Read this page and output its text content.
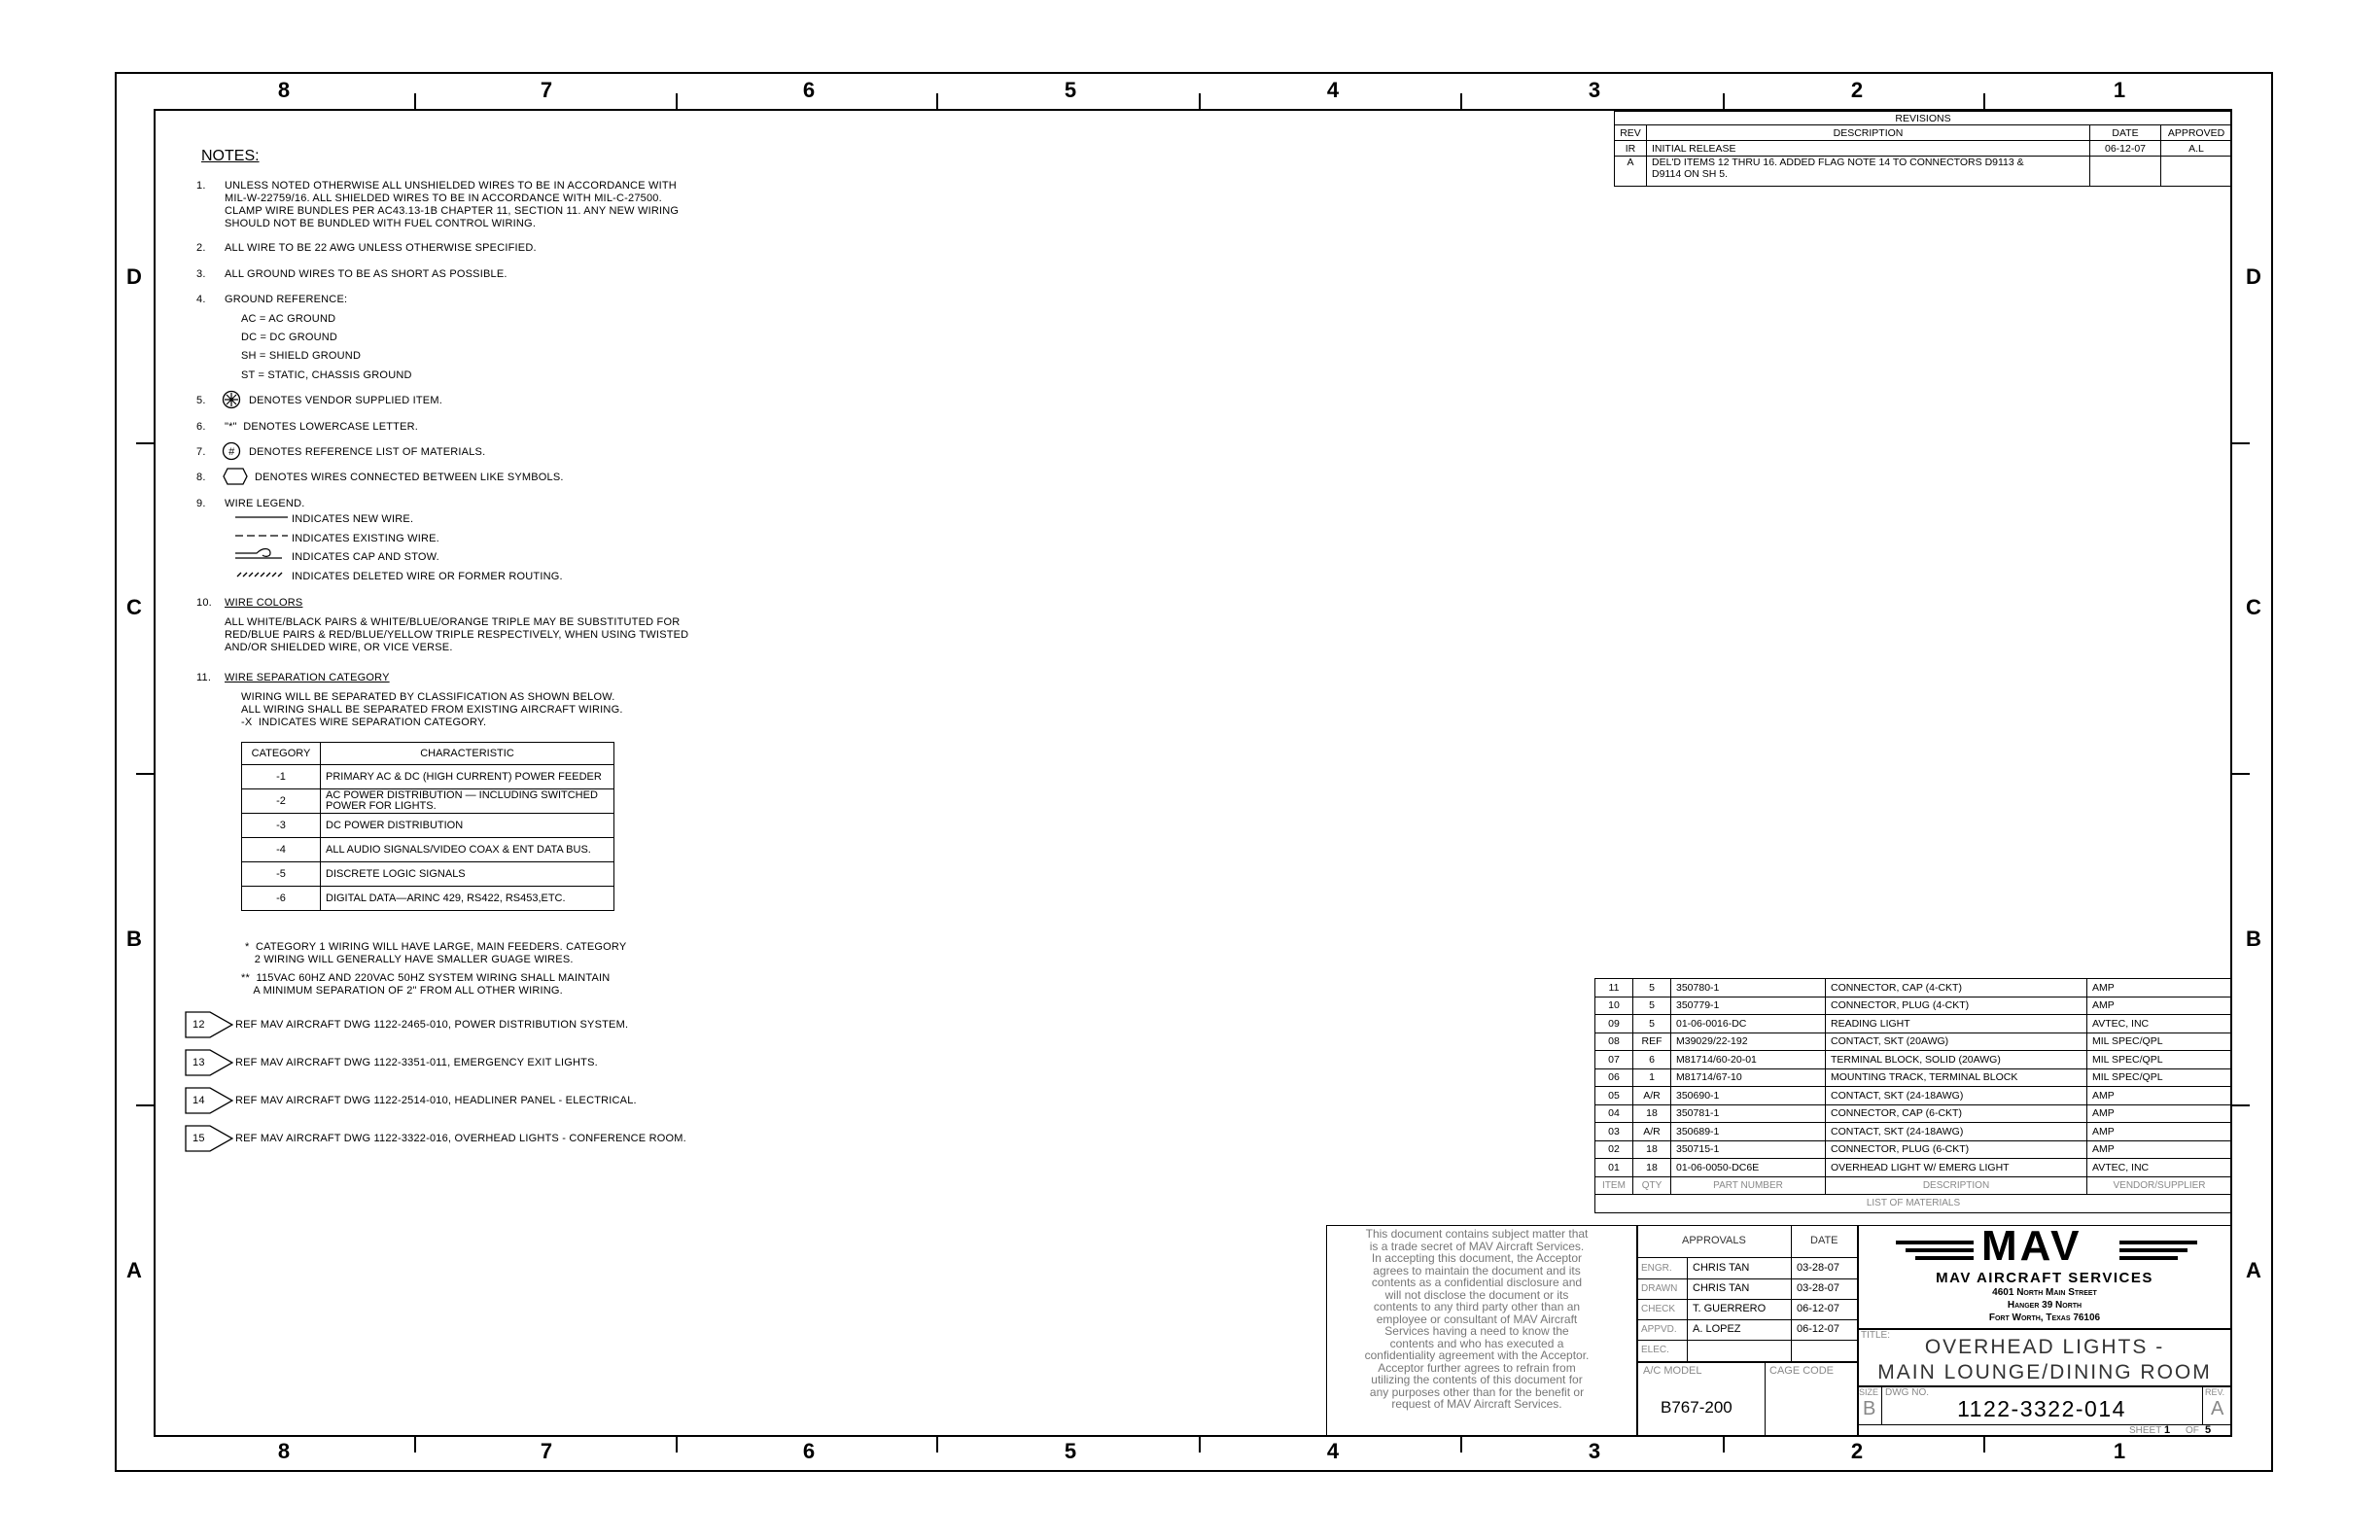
8	7	6	5	4	3	2	1
8	7	6	5	4	3	2	1
D
C
B
A
D
C
B
A
NOTES:
1. UNLESS NOTED OTHERWISE ALL UNSHIELDED WIRES TO BE IN ACCORDANCE WITH
MIL-W-22759/16. ALL SHIELDED WIRES TO BE IN ACCORDANCE WITH MIL-C-27500.
CLAMP WIRE BUNDLES PER AC43.13-1B CHAPTER 11, SECTION 11. ANY NEW WIRING
SHOULD NOT BE BUNDLED WITH FUEL CONTROL WIRING.
2. ALL WIRE TO BE 22 AWG UNLESS OTHERWISE SPECIFIED.
3. ALL GROUND WIRES TO BE AS SHORT AS POSSIBLE.
4. GROUND REFERENCE:
AC = AC GROUND
DC = DC GROUND
SH = SHIELD GROUND
ST = STATIC, CHASSIS GROUND
5.	DENOTES VENDOR SUPPLIED ITEM.
6. "*"  DENOTES LOWERCASE LETTER.
7. # DENOTES REFERENCE LIST OF MATERIALS.
8.	DENOTES WIRES CONNECTED BETWEEN LIKE SYMBOLS.
9. WIRE LEGEND.
INDICATES NEW WIRE.
INDICATES EXISTING WIRE.
INDICATES CAP AND STOW.
INDICATES DELETED WIRE OR FORMER ROUTING.
10. WIRE COLORS
ALL WHITE/BLACK PAIRS & WHITE/BLUE/ORANGE TRIPLE MAY BE SUBSTITUTED FOR
RED/BLUE PAIRS & RED/BLUE/YELLOW TRIPLE RESPECTIVELY, WHEN USING TWISTED
AND/OR SHIELDED WIRE, OR VICE VERSE.
11. WIRE SEPARATION CATEGORY
WIRING WILL BE SEPARATED BY CLASSIFICATION AS SHOWN BELOW.
ALL WIRING SHALL BE SEPARATED FROM EXISTING AIRCRAFT WIRING.
-X  INDICATES WIRE SEPARATION CATEGORY.
CATEGORY	CHARACTERISTIC
-1	PRIMARY AC & DC (HIGH CURRENT) POWER FEEDER
-2	AC POWER DISTRIBUTION — INCLUDING SWITCHED
POWER FOR LIGHTS.
-3	DC POWER DISTRIBUTION
-4	ALL AUDIO SIGNALS/VIDEO COAX & ENT DATA BUS.
-5	DISCRETE LOGIC SIGNALS
-6	DIGITAL DATA—ARINC 429, RS422, RS453,ETC.
*  CATEGORY 1 WIRING WILL HAVE LARGE, MAIN FEEDERS. CATEGORY
2 WIRING WILL GENERALLY HAVE SMALLER GUAGE WIRES.
**  115VAC 60HZ AND 220VAC 50HZ SYSTEM WIRING SHALL MAINTAIN
A MINIMUM SEPARATION OF 2" FROM ALL OTHER WIRING.
12	REF MAV AIRCRAFT DWG 1122-2465-010, POWER DISTRIBUTION SYSTEM.
13	REF MAV AIRCRAFT DWG 1122-3351-011, EMERGENCY EXIT LIGHTS.
14	REF MAV AIRCRAFT DWG 1122-2514-010, HEADLINER PANEL - ELECTRICAL.
15	REF MAV AIRCRAFT DWG 1122-3322-016, OVERHEAD LIGHTS - CONFERENCE ROOM.
REVISIONS			
REV	DESCRIPTION	DATE	APPROVED
IR	INITIAL RELEASE	06-12-07	A.L
A	DEL'D ITEMS 12 THRU 16. ADDED FLAG NOTE 14 TO CONNECTORS D9113 &
D9114 ON SH 5.		
11	5	350780-1	CONNECTOR, CAP (4-CKT)	AMP
10	5	350779-1	CONNECTOR, PLUG (4-CKT)	AMP
09	5	01-06-0016-DC	READING LIGHT	AVTEC, INC
08	REF	M39029/22-192	CONTACT, SKT (20AWG)	MIL SPEC/QPL
07	6	M81714/60-20-01	TERMINAL BLOCK, SOLID (20AWG)	MIL SPEC/QPL
06	1	M81714/67-10	MOUNTING TRACK, TERMINAL BLOCK	MIL SPEC/QPL
05	A/R	350690-1	CONTACT, SKT (24-18AWG)	AMP
04	18	350781-1	CONNECTOR, CAP (6-CKT)	AMP
03	A/R	350689-1	CONTACT, SKT (24-18AWG)	AMP
02	18	350715-1	CONNECTOR, PLUG (6-CKT)	AMP
01	18	01-06-0050-DC6E	OVERHEAD LIGHT W/ EMERG LIGHT	AVTEC, INC
ITEM	QTY	PART NUMBER	DESCRIPTION	VENDOR/SUPPLIER
LIST OF MATERIALS				
This document contains subject matter that
is a trade secret of MAV Aircraft Services.
In accepting this document, the Acceptor
agrees to maintain the document and its
contents as a confidential disclosure and
will not disclose the document or its
contents to any third party other than an
employee or consultant of MAV Aircraft
Services having a need to know the
contents and who has executed a
confidentiality agreement with the Acceptor.
Acceptor further agrees to refrain from
utilizing the contents of this document for
any purposes other than for the benefit or
request of MAV Aircraft Services.
APPROVALS	DATE
ENGR. CHRIS TAN	03-28-07
DRAWN CHRIS TAN	03-28-07
CHECK T. GUERRERO	06-12-07
APPVD. A. LOPEZ	06-12-07
ELEC.
A/C MODEL
B767-200
CAGE CODE
MAV
MAV AIRCRAFT SERVICES
4601 North Main Street
Hanger 39 North
Fort Worth, Texas 76106
TITLE:
OVERHEAD LIGHTS -
MAIN LOUNGE/DINING ROOM
SIZE
B
DWG NO.
1122-3322-014
REV.
A
SHEET 1 OF 5
